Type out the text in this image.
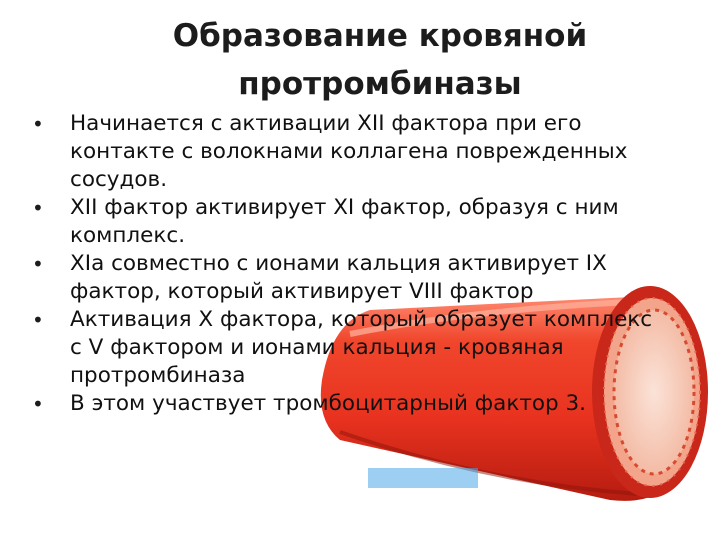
Образование кровяной протромбиназы
• Начинается с активации XII фактора при его контакте с волокнами коллагена поврежденных сосудов.
• XII фактор активирует XI фактор, образуя с ним комплекс.
• XIa совместно с ионами кальция активирует IX фактор, который активирует VIII фактор
• Активация X фактора, который образует комплекс с V фактором и ионами кальция - кровяная протромбиназа
• В этом участвует тромбоцитарный фактор 3.
